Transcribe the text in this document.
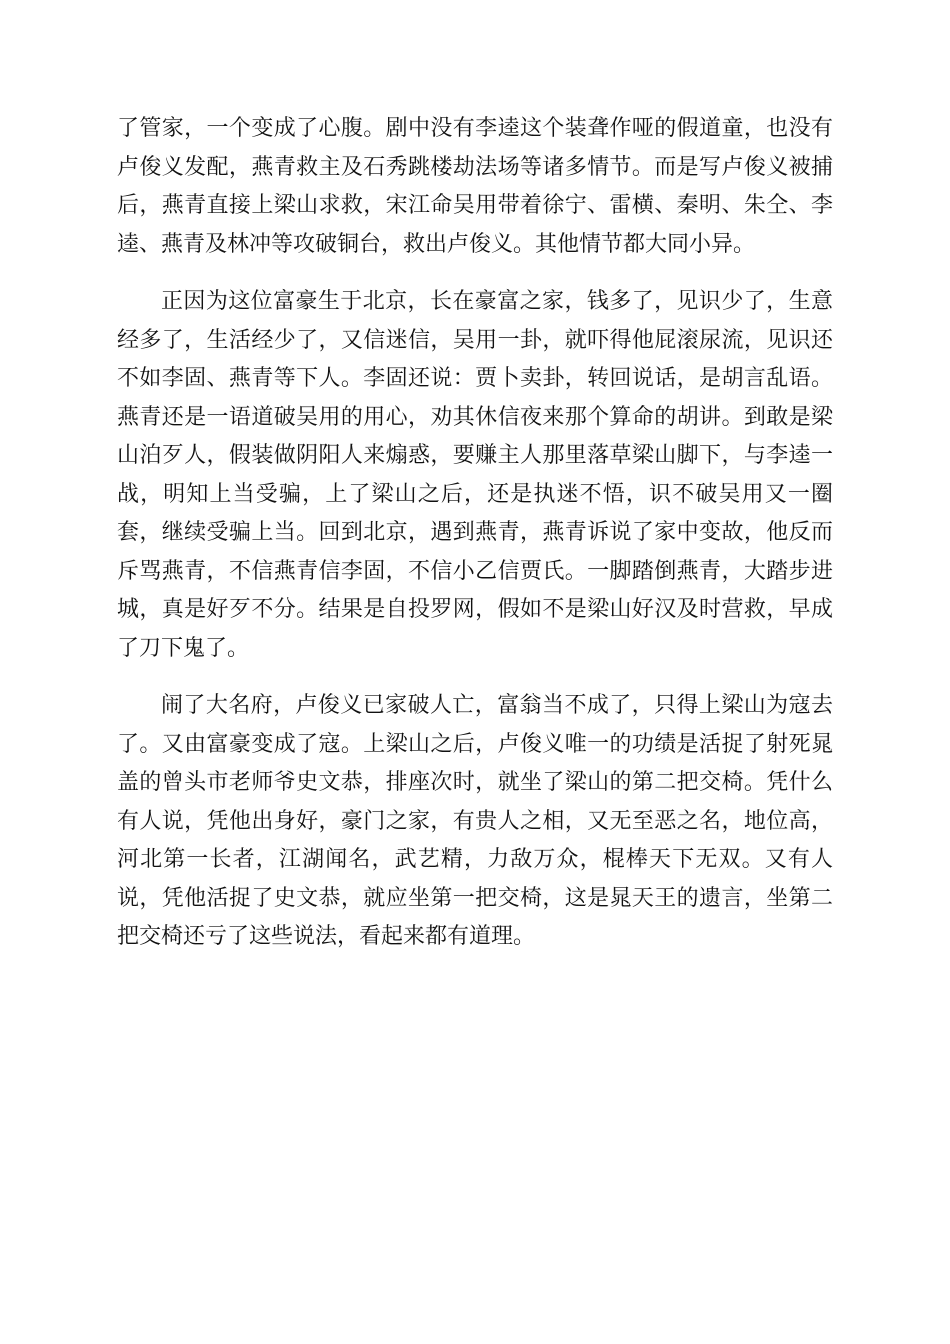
了管家，一个变成了心腹。剧中没有李逵这个装聋作哑的假道童，也没有卢俊义发配，燕青救主及石秀跳楼劫法场等诸多情节。而是写卢俊义被捕后，燕青直接上梁山求救，宋江命吴用带着徐宁、雷横、秦明、朱仝、李逵、燕青及林冲等攻破铜台，救出卢俊义。其他情节都大同小异。

正因为这位富豪生于北京，长在豪富之家，钱多了，见识少了，生意经多了，生活经少了，又信迷信，吴用一卦，就吓得他屁滚尿流，见识还不如李固、燕青等下人。李固还说：贾卜卖卦，转回说话，是胡言乱语。燕青还是一语道破吴用的用心，劝其休信夜来那个算命的胡讲。到敢是梁山泊歹人，假装做阴阳人来煽惑，要赚主人那里落草梁山脚下，与李逵一战，明知上当受骗，上了梁山之后，还是执迷不悟，识不破吴用又一圈套，继续受骗上当。回到北京，遇到燕青，燕青诉说了家中变故，他反而斥骂燕青，不信燕青信李固，不信小乙信贾氏。一脚踏倒燕青，大踏步进城，真是好歹不分。结果是自投罗网，假如不是梁山好汉及时营救，早成了刀下鬼了。

闹了大名府，卢俊义已家破人亡，富翁当不成了，只得上梁山为寇去了。又由富豪变成了寇。上梁山之后，卢俊义唯一的功绩是活捉了射死晁盖的曾头市老师爷史文恭，排座次时，就坐了梁山的第二把交椅。凭什么有人说，凭他出身好，豪门之家，有贵人之相，又无至恶之名，地位高，河北第一长者，江湖闻名，武艺精，力敌万众，棍棒天下无双。又有人说，凭他活捉了史文恭，就应坐第一把交椅，这是晁天王的遗言，坐第二把交椅还亏了这些说法，看起来都有道理。
